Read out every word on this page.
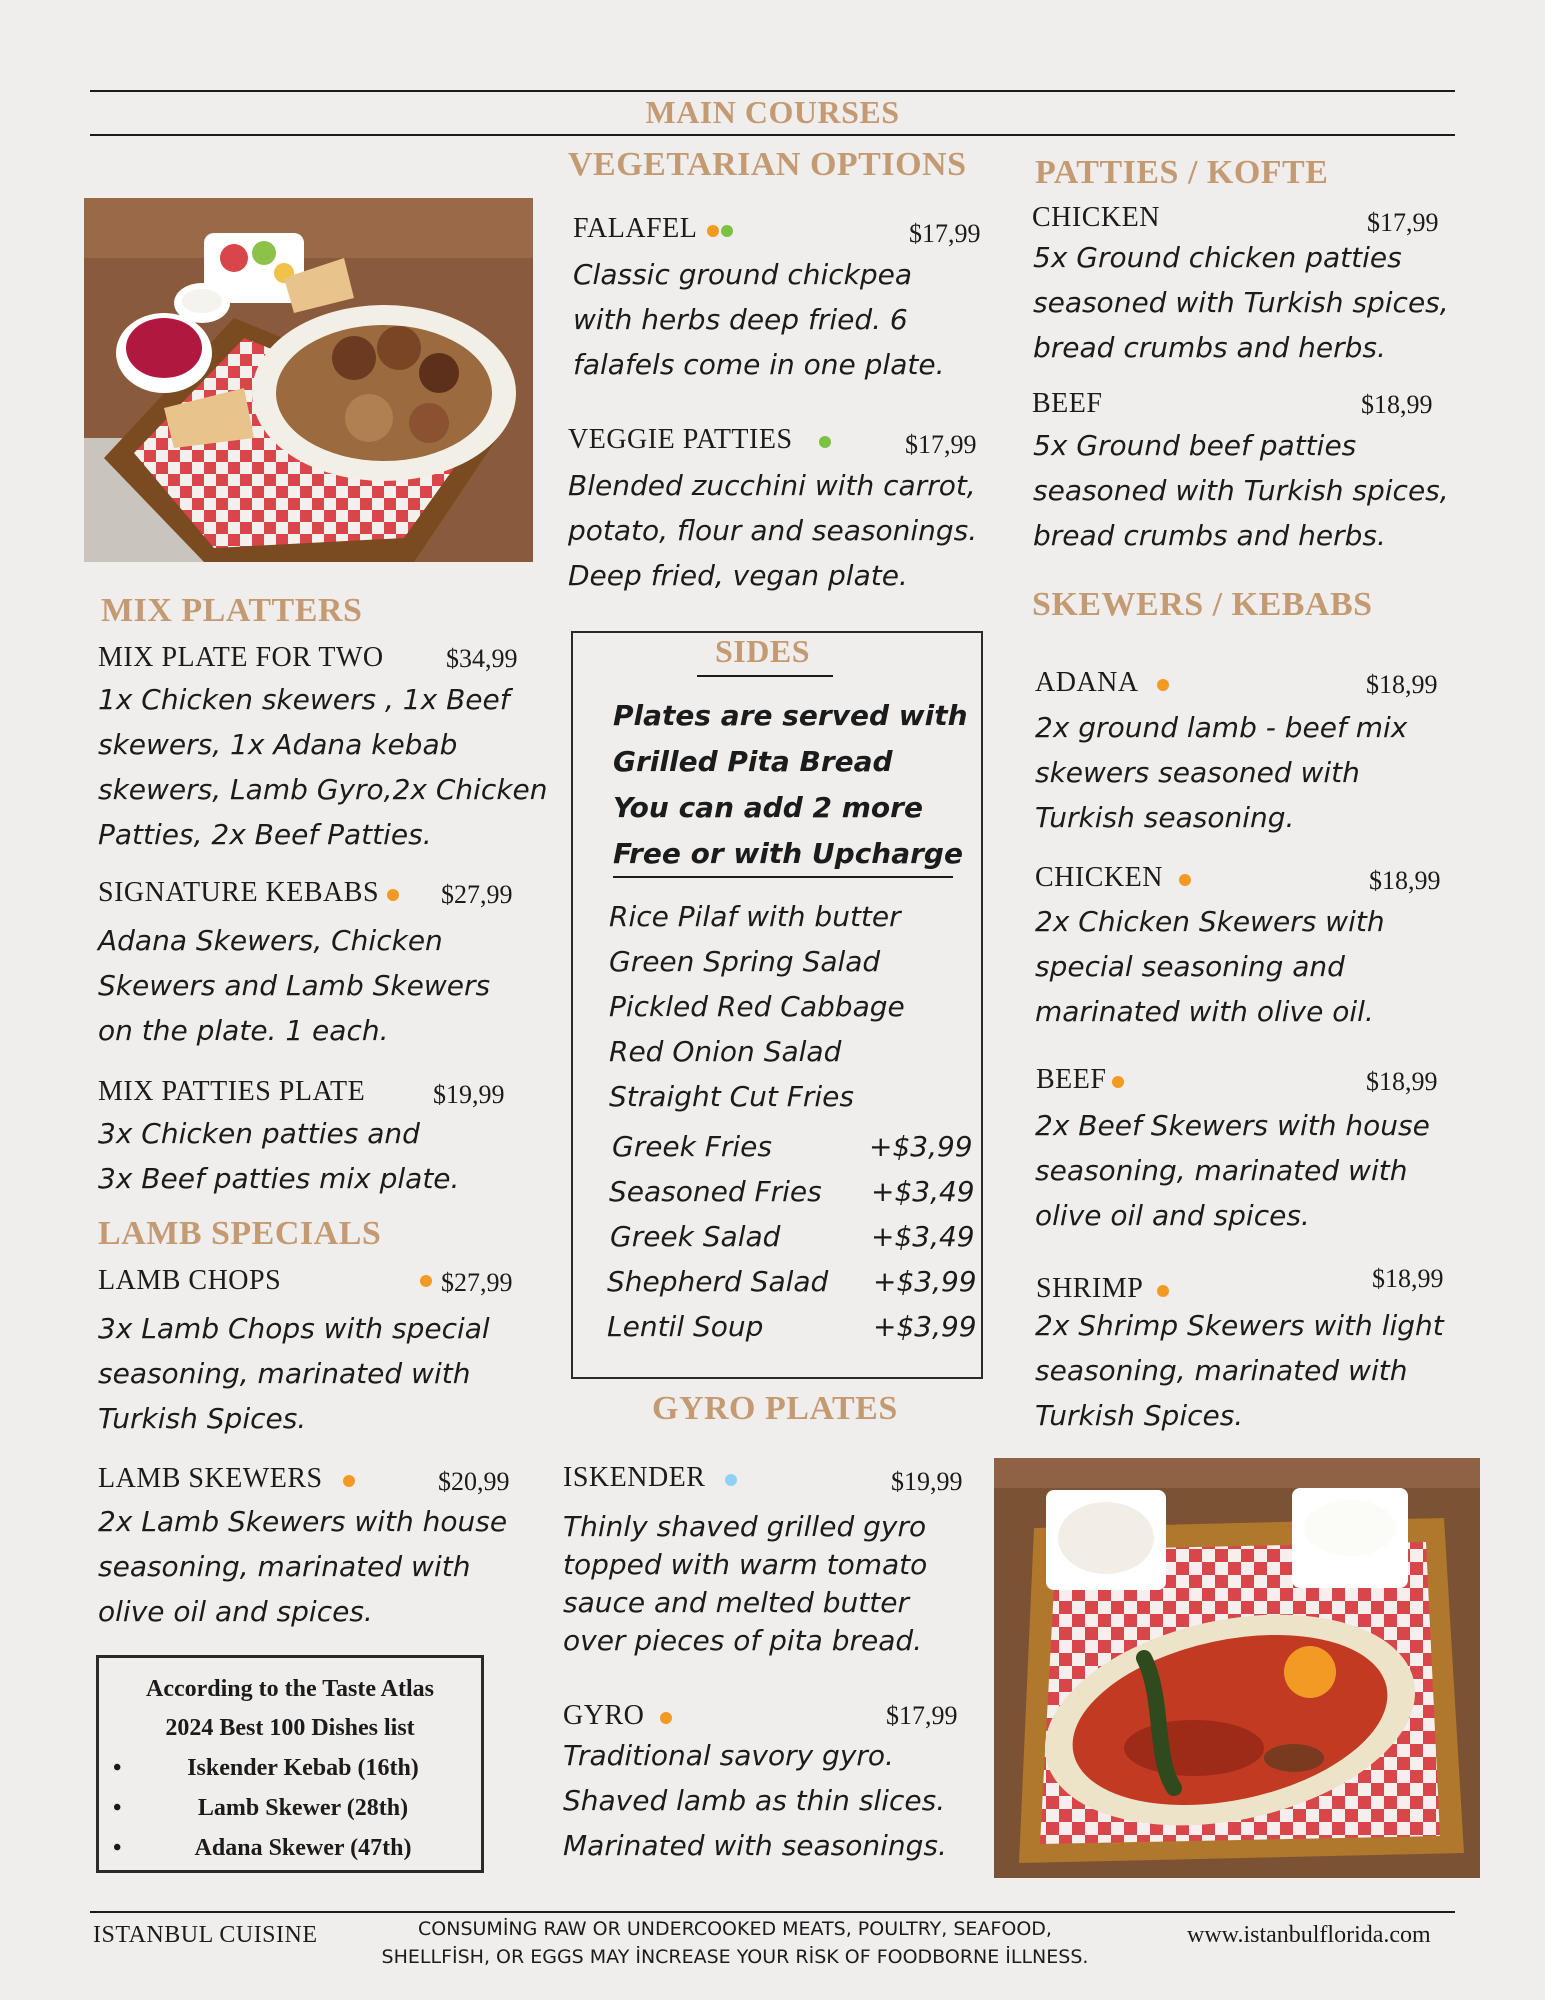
MAIN COURSES
MIX PLATTERS
MIX PLATE FOR TWO $34,99
1x Chicken skewers , 1x Beef
skewers, 1x Adana kebab
skewers, Lamb Gyro,2x Chicken
Patties, 2x Beef Patties.
SIGNATURE KEBABS	$27,99
Adana Skewers, Chicken
Skewers and Lamb Skewers
on the plate. 1 each.
MIX PATTIES PLATE	$19,99
3x Chicken patties and
3x Beef patties mix plate.
LAMB SPECIALS
LAMB CHOPS	$27,99
3x Lamb Chops with special
seasoning, marinated with
Turkish Spices.
LAMB SKEWERS	$20,99
2x Lamb Skewers with house
seasoning, marinated with
olive oil and spices.
According to the Taste Atlas
2024 Best 100 Dishes list
•	Iskender Kebab (16th)
•	Lamb Skewer (28th)
•	Adana Skewer (47th)
VEGETARIAN OPTIONS
FALAFEL	$17,99
Classic ground chickpea
with herbs deep fried. 6
falafels come in one plate.
VEGGIE PATTIES	$17,99
Blended zucchini with carrot,
potato, flour and seasonings.
Deep fried, vegan plate.
SIDES
Plates are served with
Grilled Pita Bread
You can add 2 more
Free or with Upcharge
Rice Pilaf with butter
Green Spring Salad
Pickled Red Cabbage
Red Onion Salad
Straight Cut Fries
Greek Fries	+$3,99
Seasoned Fries +$3,49
Greek Salad	+$3,49
Shepherd Salad +$3,99
Lentil Soup	+$3,99
GYRO PLATES
ISKENDER	$19,99
Thinly shaved grilled gyro
topped with warm tomato
sauce and melted butter
over pieces of pita bread.
GYRO	$17,99
Traditional savory gyro.
Shaved lamb as thin slices.
Marinated with seasonings.
PATTIES / KOFTE
CHICKEN	$17,99
5x Ground chicken patties
seasoned with Turkish spices,
bread crumbs and herbs.
BEEF	$18,99
5x Ground beef patties
seasoned with Turkish spices,
bread crumbs and herbs.
SKEWERS / KEBABS
ADANA	$18,99
2x ground lamb - beef mix
skewers seasoned with
Turkish seasoning.
CHICKEN	$18,99
2x Chicken Skewers with
special seasoning and
marinated with olive oil.
BEEF	$18,99
2x Beef Skewers with house
seasoning, marinated with
olive oil and spices.
SHRIMP	$18,99
2x Shrimp Skewers with light
seasoning, marinated with
Turkish Spices.
ISTANBUL CUISINE	CONSUMİNG RAW OR UNDERCOOKED MEATS, POULTRY, SEAFOOD,
SHELLFİSH, OR EGGS MAY İNCREASE YOUR RİSK OF FOODBORNE İLLNESS.
www.istanbulflorida.com
